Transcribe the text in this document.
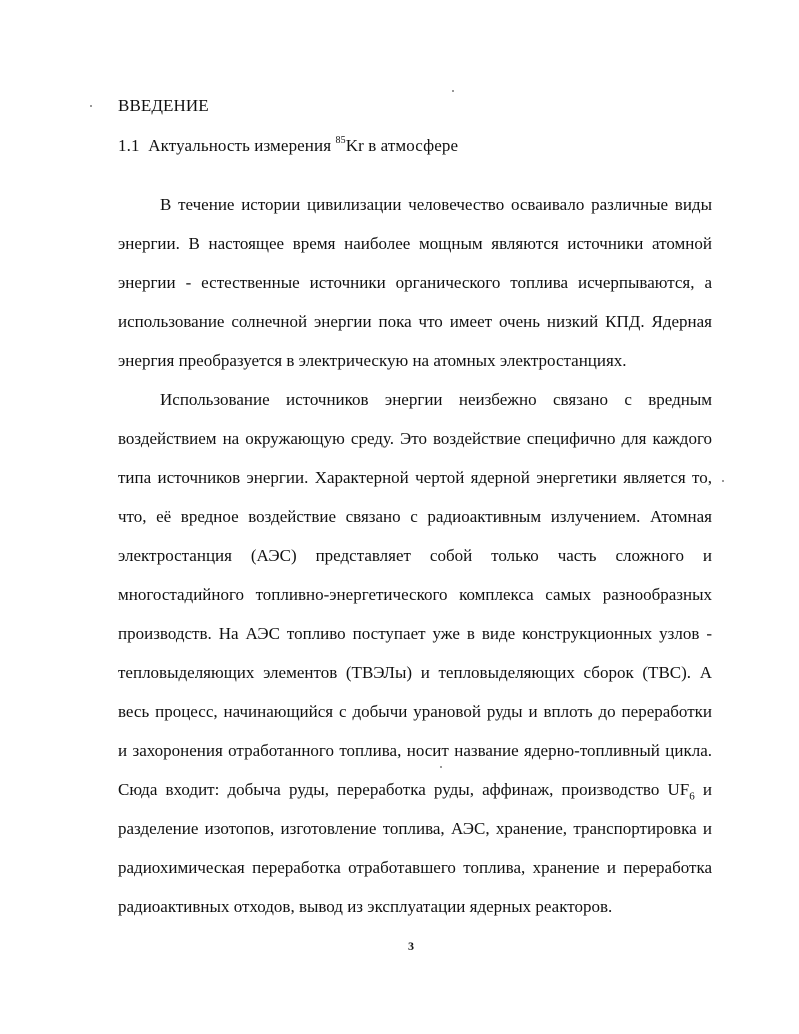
ВВЕДЕНИЕ
1.1 Актуальность измерения $^{85}$Kr в атмосфере
В течение истории цивилизации человечество осваивало различные виды
энергии. В настоящее время наиболее мощным являются источники атомной
энергии - естественные источники органического топлива исчерпываются, а
использование солнечной энергии пока что имеет очень низкий КПД. Ядерная
энергия преобразуется в электрическую на атомных электростанциях.
Использование источников энергии неизбежно связано с вредным
воздействием на окружающую среду. Это воздействие специфично для каждого
типа источников энергии. Характерной чертой ядерной энергетики является то,
что, её вредное воздействие связано с радиоактивным излучением. Атомная
электростанция (АЭС) представляет собой только часть сложного и
многостадийного топливно-энергетического комплекса самых разнообразных
производств. На АЭС топливо поступает уже в виде конструкционных узлов -
тепловыделяющих элементов (ТВЭЛы) и тепловыделяющих сборок (ТВС). А
весь процесс, начинающийся с добычи урановой руды и вплоть до переработки
и захоронения отработанного топлива, носит название ядерно-топливный цикла.
Сюда входит: добыча руды, переработка руды, аффинаж, производство $UF_6$ и
разделение изотопов, изготовление топлива, АЭС, хранение, транспортировка и
радиохимическая переработка отработавшего топлива, хранение и переработка
радиоактивных отходов, вывод из эксплуатации ядерных реакторов.
3
